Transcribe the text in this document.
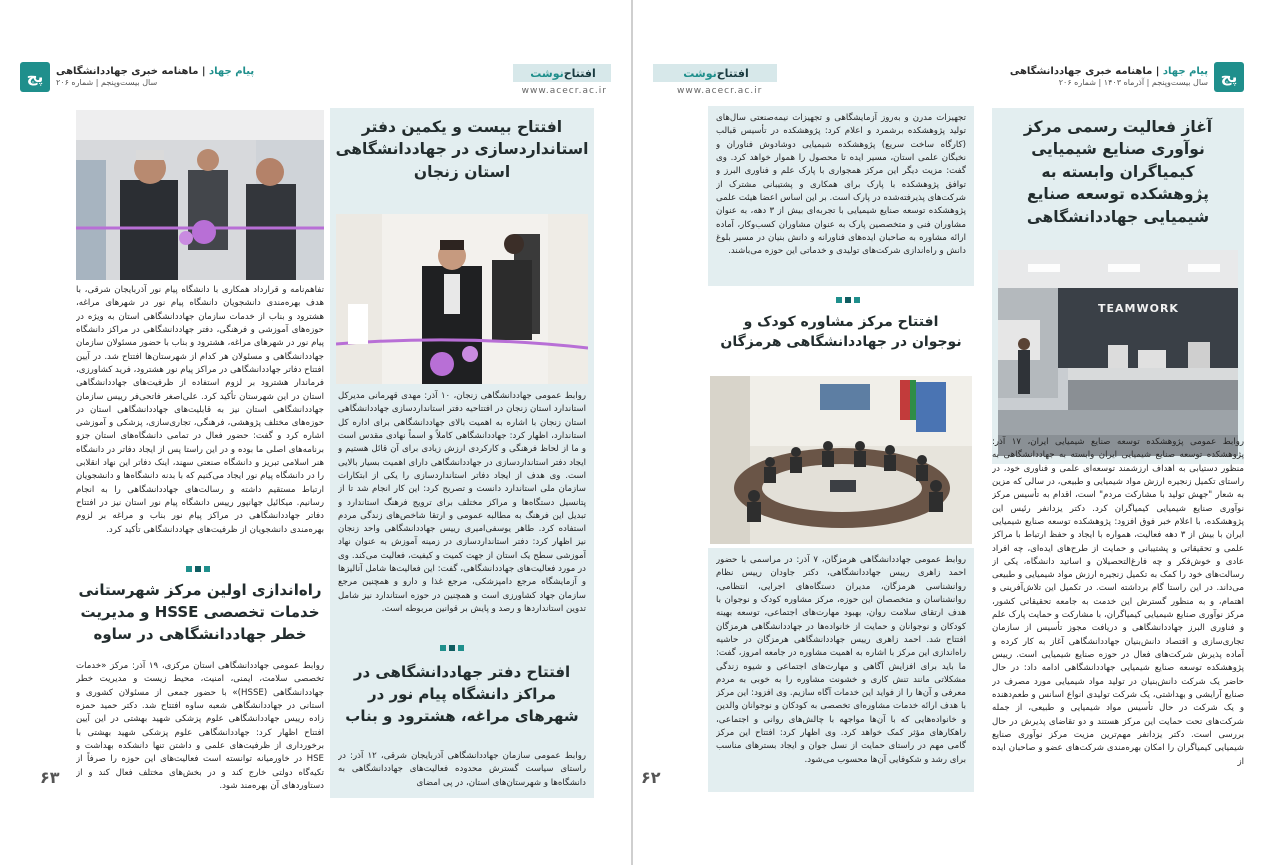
پج
پیام جهاد | ماهنامه خبری جهاددانشگاهی
سال بیست‌وپنجم | آذرماه ۱۴۰۳ | شماره ۲۰۶
افتتاح
نوشت
www.acecr.ac.ir
آغاز فعالیت رسمی مرکز نوآوری صنایع شیمیایی کیمیاگران وابسته به پژوهشکده توسعه صنایع شیمیایی جهاددانشگاهی
TEAMWORK
روابط عمومی پژوهشکده توسعه صنایع شیمیایی ایران، ۱۷ آذر: پژوهشکده توسعه صنایع شیمیایی ایران وابسته به جهاددانشگاهی به منظور دستیابی به اهداف ارزشمند توسعه‌ای علمی و فناوری خود، در راستای تکمیل زنجیره ارزش مواد شیمیایی و طبیعی، در سالی که مزین به شعار "جهش تولید با مشارکت مردم" است، اقدام به تأسیس مرکز نوآوری صنایع شیمیایی کیمیاگران کرد. دکتر یزدانفر رئیس این پژوهشکده، با اعلام خبر فوق افزود: پژوهشکده توسعه صنایع شیمیایی ایران با بیش از ۳ دهه فعالیت، همواره با ایجاد و حفظ ارتباط با مراکز علمی و تحقیقاتی و پشتیبانی و حمایت از طرح‌های ایده‌ای، چه افراد عادی و خوش‌فکر و چه فارغ‌التحصیلان و اساتید دانشگاه، یکی از رسالت‌های خود را کمک به تکمیل زنجیره ارزش مواد شیمیایی و طبیعی می‌داند. در این راستا گام برداشته است. در تکمیل این تلاش‌آفرینی و اهتمام، و به منظور گسترش این خدمت به جامعه تحقیقاتی کشور، مرکز نوآوری صنایع شیمیایی کیمیاگران، با مشارکت و حمایت پارک علم و فناوری البرز جهاددانشگاهی و دریافت مجوز تأسیس از سازمان تجاری‌سازی و اقتصاد دانش‌بنیان جهاددانشگاهی آغاز به کار کرده و آماده پذیرش شرکت‌های فعال در حوزه صنایع شیمیایی است. رییس پژوهشکده توسعه صنایع شیمیایی جهاددانشگاهی ادامه داد: در حال حاضر یک شرکت دانش‌بنیان در تولید مواد شیمیایی مورد مصرف در صنایع آرایشی و بهداشتی، یک شرکت تولیدی انواع اسانس و طعم‌دهنده و یک شرکت در حال تأسیس مواد شیمیایی و طبیعی، از جمله شرکت‌های تحت حمایت این مرکز هستند و دو تقاضای پذیرش در حال بررسی است. دکتر یزدانفر مهم‌ترین مزیت مرکز نوآوری صنایع شیمیایی کیمیاگران را امکان بهره‌مندی شرکت‌های عضو و صاحبان ایده از
تجهیزات مدرن و به‌روز آزمایشگاهی و تجهیزات نیمه‌صنعتی سال‌های تولید پژوهشکده برشمرد و اعلام کرد: پژوهشکده در تأسیس قبالب (کارگاه ساخت سریع) پژوهشکده شیمیایی دوشادوش فناوران و نخبگان علمی استان، مسیر ایده تا محصول را هموار خواهد کرد. وی گفت: مزیت دیگر این مرکز همجواری با پارک علم و فناوری البرز و توافق پژوهشکده با پارک برای همکاری و پشتیبانی مشترک از شرکت‌های پذیرفته‌شده در پارک است. بر این اساس اعضا هیئت علمی پژوهشکده توسعه صنایع شیمیایی با تجربه‌ای بیش از ۳ دهه، به عنوان مشاوران فنی و متخصصین پارک به عنوان مشاوران کسب‌وکار، آماده ارائه مشاوره به صاحبان ایده‌های فناورانه و دانش بنیان در مسیر بلوغ دانش و راه‌اندازی شرکت‌های تولیدی و خدماتی این حوزه می‌باشند.
افتتاح مرکز مشاوره کودک و نوجوان در جهاددانشگاهی هرمزگان
روابط عمومی جهاددانشگاهی هرمزگان، ۷ آذر: در مراسمی با حضور احمد زاهری رییس جهاددانشگاهی، دکتر جاودان رییس نظام روانشناسی هرمزگان، مدیران دستگاه‌های اجرایی، انتظامی، روانشناسان و متخصصان این حوزه، مرکز مشاوره کودک و نوجوان با هدف ارتقای سلامت روان، بهبود مهارت‌های اجتماعی، توسعه بهینه کودکان و نوجوانان و حمایت از خانواده‌ها در جهاددانشگاهی هرمزگان افتتاح شد. احمد زاهری رییس جهاددانشگاهی هرمزگان در حاشیه راه‌اندازی این مرکز با اشاره به اهمیت مشاوره در جامعه امروز، گفت: ما باید برای افزایش آگاهی و مهارت‌های اجتماعی و شیوه زندگی مشکلاتی مانند تنش کاری و خشونت مشاوره را به خوبی به مردم معرفی و آن‌ها را از فواید این خدمات آگاه سازیم. وی افزود: این مرکز با هدف ارائه خدمات مشاوره‌ای تخصصی به کودکان و نوجوانان والدین و خانواده‌هایی که با آن‌ها مواجهه با چالش‌های روانی و اجتماعی، راهکارهای مؤثر کمک خواهد کرد. وی اظهار کرد: افتتاح این مرکز گامی مهم در راستای حمایت از نسل جوان و ایجاد بسترهای مناسب برای رشد و شکوفایی آن‌ها محسوب می‌شود.
۶۲
افتتاح
نوشت
www.acecr.ac.ir
پج	پیام جهاد | ماهنامه خبری جهاددانشگاهی
سال بیست‌وپنجم | شماره ۲۰۶
افتتاح بیست و یکمین دفتر استانداردسازی در جهاددانشگاهی استان زنجان
روابط عمومی جهاددانشگاهی زنجان، ۱۰ آذر: مهدی قهرمانی مدیرکل استاندارد استان زنجان در افتتاحیه دفتر استانداردسازی جهاددانشگاهی استان زنجان با اشاره به اهمیت بالای جهاددانشگاهی برای اداره کل استاندارد، اظهار کرد: جهاددانشگاهی کاملاً و اسماً نهادی مقدس است و ما از لحاظ فرهنگی و کارکردی ارزش زیادی برای آن قائل هستیم و ایجاد دفتر استانداردسازی در جهاددانشگاهی دارای اهمیت بسیار بالایی است. وی هدف از ایجاد دفاتر استانداردسازی را یکی از ابتکارات سازمان ملی استاندارد دانست و تصریح کرد: این کار انجام شد تا از پتانسیل دستگاه‌ها و مراکز مختلف برای ترویج فرهنگ استاندارد و تبدیل این فرهنگ به مطالبه عمومی و ارتقا شاخص‌های زندگی مردم استفاده کرد. طاهر یوسفی‌امیری رییس جهاددانشگاهی واحد زنجان نیز اظهار کرد: دفتر استانداردسازی در زمینه آموزش به عنوان نهاد آموزشی سطح یک استان از جهت کمیت و کیفیت، فعالیت می‌کند. وی در مورد فعالیت‌های جهاددانشگاهی، گفت: این فعالیت‌ها شامل آنالیزها و آزمایشگاه مرجع دامپزشکی، مرجع غذا و دارو و همچنین مرجع سازمان جهاد کشاورزی است و همچنین در حوزه استاندارد نیز شامل تدوین استانداردها و رصد و پایش بر قوانین مربوطه است.
افتتاح دفتر جهاددانشگاهی در مراکز دانشگاه پیام نور در شهرهای مراغه، هشترود و بناب
روابط عمومی سازمان جهاددانشگاهی آذربایجان شرقی، ۱۲ آذر: در راستای سیاست گسترش محدوده فعالیت‌های جهاددانشگاهی به دانشگاه‌ها و شهرستان‌های استان، در پی امضای
تفاهم‌نامه و قرارداد همکاری با دانشگاه پیام نور آذربایجان شرقی، با هدف بهره‌مندی دانشجویان دانشگاه پیام نور در شهرهای مراغه، هشترود و بناب از خدمات سازمان جهاددانشگاهی استان به ویژه در حوزه‌های آموزشی و فرهنگی، دفتر جهاددانشگاهی در مراکز دانشگاه پیام نور در شهرهای مراغه، هشترود و بناب با حضور مسئولان سازمان جهاددانشگاهی و مسئولان هر کدام از شهرستان‌ها افتتاح شد. در آیین افتتاح دفاتر جهاددانشگاهی در مراکز پیام نور هشترود، فرید کشاورزی، فرماندار هشترود بر لزوم استفاده از ظرفیت‌های جهاددانشگاهی استان در این شهرستان تأکید کرد. علی‌اصغر فاتحی‌فر رییس سازمان جهاددانشگاهی استان نیز به قابلیت‌های جهاددانشگاهی استان در حوزه‌های مختلف پژوهشی، فرهنگی، تجاری‌سازی، پزشکی و آموزشی اشاره کرد و گفت: حضور فعال در تمامی دانشگاه‌های استان جزو برنامه‌های اصلی ما بوده و در این راستا پس از ایجاد دفاتر در دانشگاه هنر اسلامی تبریز و دانشگاه صنعتی سهند، اینک دفاتر این نهاد انقلابی را در دانشگاه پیام نور ایجاد می‌کنیم که با بدنه دانشگاه‌ها و دانشجویان ارتباط مستقیم داشته و رسالت‌های جهاددانشگاهی را به انجام رسانیم. میکائیل جهانپور رییس دانشگاه پیام نور استان نیز در افتتاح دفاتر جهاددانشگاهی در مراکز پیام نور بناب و مراغه بر لزوم بهره‌مندی دانشجویان از ظرفیت‌های جهاددانشگاهی تأکید کرد.
راه‌اندازی اولین مرکز شهرستانی خدمات تخصصی HSSE و مدیریت خطر جهاددانشگاهی در ساوه
روابط عمومی جهاددانشگاهی استان مرکزی، ۱۹ آذر: مرکز «خدمات تخصصی سلامت، ایمنی، امنیت، محیط زیست و مدیریت خطر جهاددانشگاهی (HSSE)» با حضور جمعی از مسئولان کشوری و استانی در جهاددانشگاهی شعبه ساوه افتتاح شد. دکتر حمید حمزه زاده رییس جهاددانشگاهی علوم پزشکی شهید بهشتی در این آیین افتتاح اظهار کرد: جهاددانشگاهی علوم پزشکی شهید بهشتی با برخورداری از ظرفیت‌های علمی و داشتن تنها دانشکده بهداشت و HSE در خاورمیانه توانسته است فعالیت‌های این حوزه را صرفاً از تکیه‌گاه دولتی خارج کند و در بخش‌های مختلف فعال کند و از دستاوردهای آن بهره‌مند شود.
۶۳
